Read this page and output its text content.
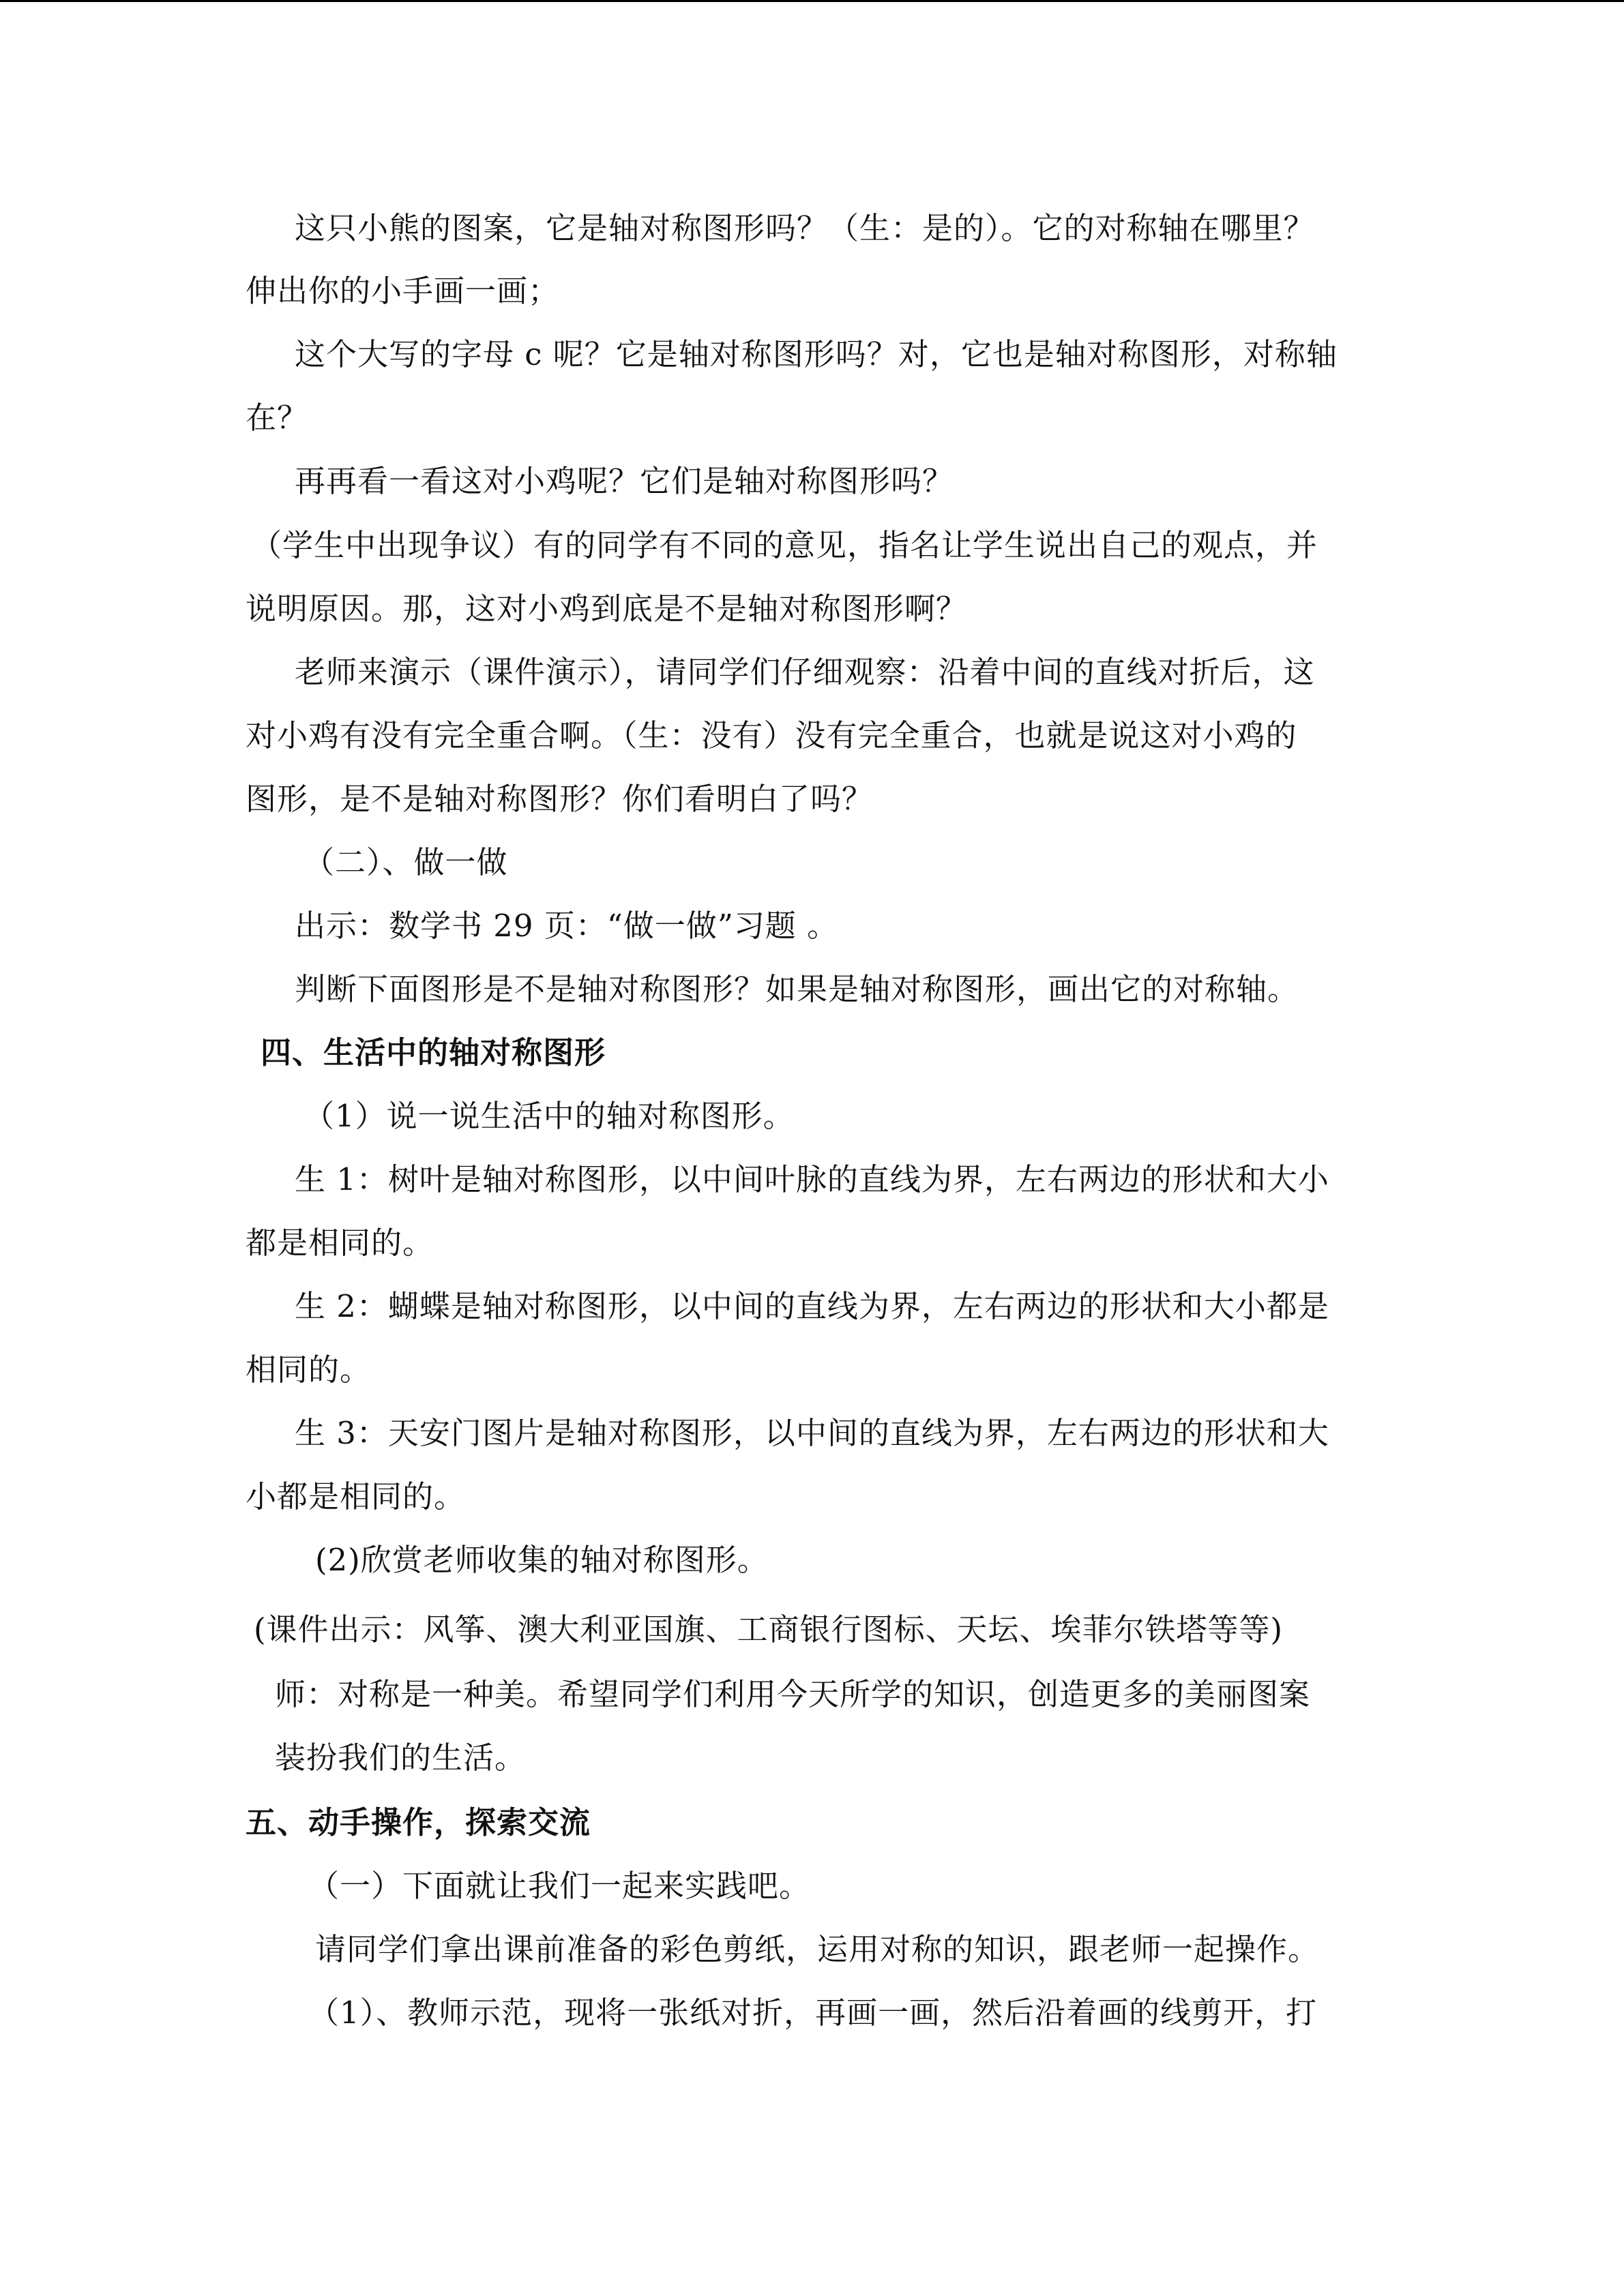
这只小熊的图案，它是轴对称图形吗？（生：是的）。它的对称轴在哪里？
伸出你的小手画一画；
这个大写的字母 c 呢？它是轴对称图形吗？对，它也是轴对称图形，对称轴
在？
再再看一看这对小鸡呢？它们是轴对称图形吗？
（学生中出现争议）有的同学有不同的意见，指名让学生说出自己的观点，并
说明原因。那，这对小鸡到底是不是轴对称图形啊？
老师来演示（课件演示），请同学们仔细观察：沿着中间的直线对折后，这
对小鸡有没有完全重合啊。（生：没有）没有完全重合，也就是说这对小鸡的
图形，是不是轴对称图形？你们看明白了吗？
（二）、做一做
出示：数学书 29 页：“做一做”习题 。
判断下面图形是不是轴对称图形？如果是轴对称图形，画出它的对称轴。
四、生活中的轴对称图形
（1）说一说生活中的轴对称图形。
生 1：树叶是轴对称图形，以中间叶脉的直线为界，左右两边的形状和大小
都是相同的。
生 2：蝴蝶是轴对称图形，以中间的直线为界，左右两边的形状和大小都是
相同的。
生 3：天安门图片是轴对称图形，以中间的直线为界，左右两边的形状和大
小都是相同的。
(2)欣赏老师收集的轴对称图形。
(课件出示：风筝、澳大利亚国旗、工商银行图标、天坛、埃菲尔铁塔等等)
师：对称是一种美。希望同学们利用今天所学的知识，创造更多的美丽图案
装扮我们的生活。
五、动手操作，探索交流
（一）下面就让我们一起来实践吧。
请同学们拿出课前准备的彩色剪纸，运用对称的知识，跟老师一起操作。
（1）、教师示范，现将一张纸对折，再画一画，然后沿着画的线剪开，打
